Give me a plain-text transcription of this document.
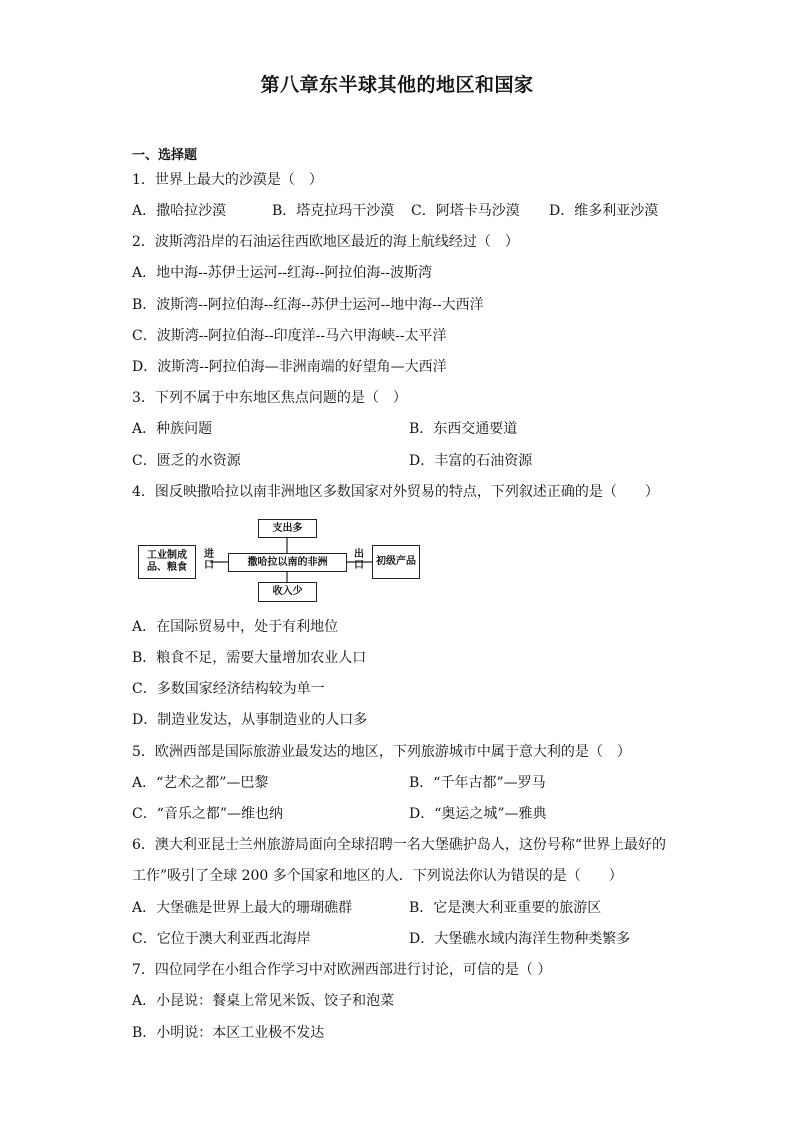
第八章东半球其他的地区和国家
一、选择题
1．世界上最大的沙漠是（　）
A．撒哈拉沙漠	B．塔克拉玛干沙漠 C．阿塔卡马沙漠 D．维多利亚沙漠
2．波斯湾沿岸的石油运往西欧地区最近的海上航线经过（　）
A．地中海--苏伊士运河--红海--阿拉伯海--波斯湾
B．波斯湾--阿拉伯海--红海--苏伊士运河--地中海--大西洋
C．波斯湾--阿拉伯海--印度洋--马六甲海峡--太平洋
D．波斯湾--阿拉伯海—非洲南端的好望角—大西洋
3．下列不属于中东地区焦点问题的是（　）
A．种族问题	B．东西交通要道
C．匮乏的水资源	D．丰富的石油资源
4．图反映撒哈拉以南非洲地区多数国家对外贸易的特点，下列叙述正确的是（　　）
工业制成品、粮食
进口	撒哈拉以南的非洲
出口	初级产品
支出多
收入少
A．在国际贸易中，处于有利地位
B．粮食不足，需要大量增加农业人口
C．多数国家经济结构较为单一
D．制造业发达，从事制造业的人口多
5．欧洲西部是国际旅游业最发达的地区，下列旅游城市中属于意大利的是（　）
A．“艺术之都”—巴黎	B．“千年古都”—罗马
C．“音乐之都”—维也纳	D．“奥运之城”—雅典
6．澳大利亚昆士兰州旅游局面向全球招聘一名大堡礁护岛人，这份号称“世界上最好的
工作”吸引了全球 200 多个国家和地区的人．下列说法你认为错误的是（　　）
A．大堡礁是世界上最大的珊瑚礁群	B．它是澳大利亚重要的旅游区
C．它位于澳大利亚西北海岸	D．大堡礁水域内海洋生物种类繁多
7．四位同学在小组合作学习中对欧洲西部进行讨论，可信的是（ ）
A．小昆说：餐桌上常见米饭、饺子和泡菜
B．小明说：本区工业极不发达
